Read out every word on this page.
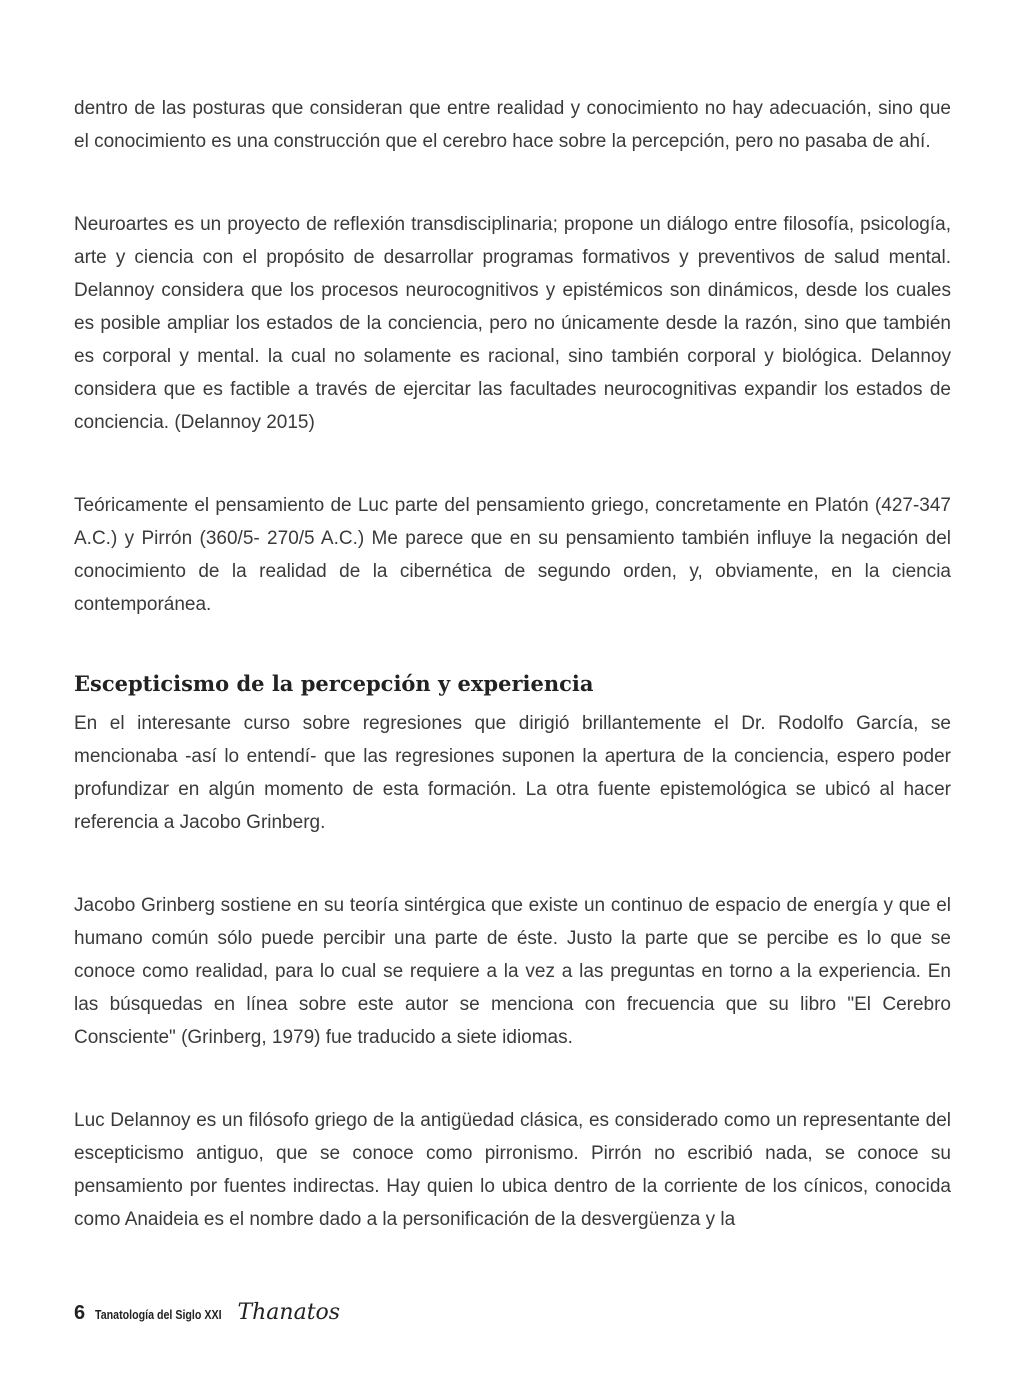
dentro de las posturas que consideran que entre realidad y conocimiento no hay adecuación, sino que el conocimiento es una construcción que el cerebro hace sobre la percepción, pero no pasaba de ahí.

Neuroartes es un proyecto de reflexión transdisciplinaria; propone un diálogo entre filosofía, psicología, arte y ciencia con el propósito de desarrollar programas formativos y preventivos de salud mental. Delannoy considera que los procesos neurocognitivos y epistémicos son dinámicos, desde los cuales es posible ampliar los estados de la conciencia, pero no únicamente desde la razón, sino que también es corporal y mental. la cual no solamente es racional, sino también corporal y biológica. Delannoy considera que es factible a través de ejercitar las facultades neurocognitivas expandir los estados de conciencia. (Delannoy 2015)

Teóricamente el pensamiento de Luc parte del pensamiento griego, concretamente en Platón (427-347 A.C.) y Pirrón (360/5- 270/5 A.C.) Me parece que en su pensamiento también influye la negación del conocimiento de la realidad de la cibernética de segundo orden, y, obviamente, en la ciencia contemporánea.

Escepticismo de la percepción y experiencia

En el interesante curso sobre regresiones que dirigió brillantemente el Dr. Rodolfo García, se mencionaba -así lo entendí- que las regresiones suponen la apertura de la conciencia, espero poder profundizar en algún momento de esta formación. La otra fuente epistemológica se ubicó al hacer referencia a Jacobo Grinberg.

Jacobo Grinberg sostiene en su teoría sintérgica que existe un continuo de espacio de energía y que el humano común sólo puede percibir una parte de éste. Justo la parte que se percibe es lo que se conoce como realidad, para lo cual se requiere a la vez a las preguntas en torno a la experiencia. En las búsquedas en línea sobre este autor se menciona con frecuencia que su libro "El Cerebro Consciente" (Grinberg, 1979) fue traducido a siete idiomas.

Luc Delannoy es un filósofo griego de la antigüedad clásica, es considerado como un representante del escepticismo antiguo, que se conoce como pirronismo. Pirrón no escribió nada, se conoce su pensamiento por fuentes indirectas. Hay quien lo ubica dentro de la corriente de los cínicos, conocida como Anaideia es el nombre dado a la personificación de la desvergüenza y la

6 Tanatología del Siglo XXI Thanatos
